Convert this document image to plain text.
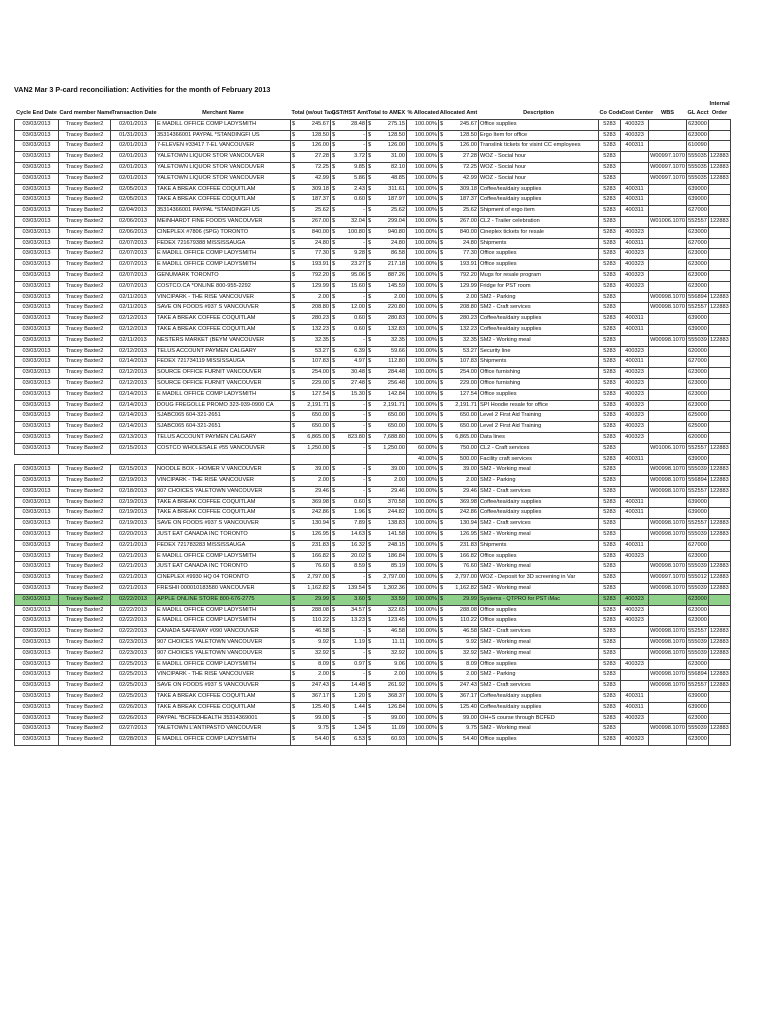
VAN2 Mar 3 P-card reconciliation: Activities for the month of February 2013
														Internal
Cycle End Date	Card member Name	Transaction Date	Merchant Name	Total (w/out Tax)	GST/HST Amt	Total to AMEX	% Allocated	Allocated Amt	Description	Co Code	Cost Center	WBS	GL Acct	Order
03/03/2013	Tracey Baxter2	02/01/2013	E MADILL OFFICE COMP LADYSMITH	$ 245.67	$ 28.48	$ 275.15	100.00%	$ 245.67	Office supplies	5283	400323		623000	
03/03/2013	Tracey Baxter2	01/31/2013	35314366001 PAYPAL *STANDINGFI US	$ 128.50	$ -	$ 128.50	100.00%	$ 128.50	Ergo Item for office	5283	400323		623000	
03/03/2013	Tracey Baxter2	02/01/2013	7-ELEVEN #33417 7-EL VANCOUVER	$ 126.00	$ -	$ 126.00	100.00%	$ 126.00	Translink tickets for visint CC employees	5283	400311		610090	
03/03/2013	Tracey Baxter2	02/01/2013	YALETOWN LIQUOR STOR VANCOUVER	$ 27.28	$ 3.72	$ 31.00	100.00%	$ 27.28	WOZ - Social hour	5283		W00997.1070	555035	122883
03/03/2013	Tracey Baxter2	02/01/2013	YALETOWN LIQUOR STOR VANCOUVER	$ 72.25	$ 9.85	$ 82.10	100.00%	$ 72.25	WOZ - Social hour	5283		W00997.1070	555035	122883
03/03/2013	Tracey Baxter2	02/01/2013	YALETOWN LIQUOR STOR VANCOUVER	$ 42.99	$ 5.86	$ 48.85	100.00%	$ 42.99	WOZ - Social hour	5283		W00997.1070	555035	122883
03/03/2013	Tracey Baxter2	02/05/2013	TAKE A BREAK COFFEE COQUITLAM	$ 309.18	$ 2.43	$ 311.61	100.00%	$ 309.18	Coffee/tea/dairy supplies	5283	400311		639000	
03/03/2013	Tracey Baxter2	02/05/2013	TAKE A BREAK COFFEE COQUITLAM	$ 187.37	$ 0.60	$ 187.97	100.00%	$ 187.37	Coffee/tea/dairy supplies	5283	400311		639000	
03/03/2013	Tracey Baxter2	02/04/2013	35314366001 PAYPAL *STANDINGFI US	$ 25.62	$ -	$ 25.62	100.00%	$ 25.62	Shipment of ergo item	5283	400311		627000	
03/03/2013	Tracey Baxter2	02/06/2013	MEINHARDT FINE FOODS VANCOUVER	$ 267.00	$ 32.04	$ 299.04	100.00%	$ 267.00	CL2 - Trailer celebration	5283		W01006.1070	552557	122883
03/03/2013	Tracey Baxter2	02/06/2013	CINEPLEX #7806 (SPG) TORONTO	$ 840.00	$ 100.80	$ 940.80	100.00%	$ 840.00	Cineplex tickets for resale	5283	400323		623000	
03/03/2013	Tracey Baxter2	02/07/2013	FEDEX 721679388 MISSISSAUGA	$ 24.80	$ -	$ 24.80	100.00%	$ 24.80	Shipments	5283	400311		627000	
03/03/2013	Tracey Baxter2	02/07/2013	E MADILL OFFICE COMP LADYSMITH	$ 77.30	$ 9.28	$ 86.58	100.00%	$ 77.30	Office supplies	5283	400323		623000	
03/03/2013	Tracey Baxter2	02/07/2013	E MADILL OFFICE COMP LADYSMITH	$ 193.91	$ 23.27	$ 217.18	100.00%	$ 193.91	Office supplies	5283	400323		623000	
03/03/2013	Tracey Baxter2	02/07/2013	GENUMARK TORONTO	$ 792.20	$ 95.06	$ 887.26	100.00%	$ 792.20	Mugs for resale program	5283	400323		623000	
03/03/2013	Tracey Baxter2	02/07/2013	COSTCO.CA *ONLINE 800-955-2292	$ 129.99	$ 15.60	$ 145.59	100.00%	$ 129.99	Fridge for PST room	5283	400323		623000	
03/03/2013	Tracey Baxter2	02/11/2013	VINCIPARK - THE RISE VANCOUVER	$ 2.00	$ -	$ 2.00	100.00%	$ 2.00	SM2 - Parking	5283		W00998.1070	556894	122883
03/03/2013	Tracey Baxter2	02/11/2013	SAVE ON FOODS #937 S VANCOUVER	$ 208.80	$ 12.00	$ 220.80	100.00%	$ 208.80	SM2 - Craft services	5283		W00998.1070	552557	122883
03/03/2013	Tracey Baxter2	02/12/2013	TAKE A BREAK COFFEE COQUITLAM	$ 280.23	$ 0.60	$ 280.83	100.00%	$ 280.23	Coffee/tea/dairy supplies	5283	400311		639000	
03/03/2013	Tracey Baxter2	02/12/2013	TAKE A BREAK COFFEE COQUITLAM	$ 132.23	$ 0.60	$ 132.83	100.00%	$ 132.23	Coffee/tea/dairy supplies	5283	400311		639000	
03/03/2013	Tracey Baxter2	02/11/2013	NESTERS MARKET (BEYM VANCOUVER	$ 32.35	$ -	$ 32.35	100.00%	$ 32.35	SM2 - Working meal	5283		W00998.1070	555039	122883
03/03/2013	Tracey Baxter2	02/12/2013	TELUS ACCOUNT PAYMEN CALGARY	$ 53.27	$ 6.39	$ 59.66	100.00%	$ 53.27	Security line	5283	400323		620000	
03/03/2013	Tracey Baxter2	02/14/2013	FEDEX 721734119 MISSISSAUGA	$ 107.83	$ 4.97	$ 112.80	100.00%	$ 107.83	Shipments	5283	400311		627000	
03/03/2013	Tracey Baxter2	02/12/2013	SOURCE OFFICE FURNIT VANCOUVER	$ 254.00	$ 30.48	$ 284.48	100.00%	$ 254.00	Office furnishing	5283	400323		623000	
03/03/2013	Tracey Baxter2	02/12/2013	SOURCE OFFICE FURNIT VANCOUVER	$ 229.00	$ 27.48	$ 256.48	100.00%	$ 229.00	Office furnishing	5283	400323		623000	
03/03/2013	Tracey Baxter2	02/14/2013	E MADILL OFFICE COMP LADYSMITH	$ 127.54	$ 15.30	$ 142.84	100.00%	$ 127.54	Office supplies	5283	400323		623000	
03/03/2013	Tracey Baxter2	02/14/2013	DOUG FREGOLLE PROMO 323-939-0900 CA	$ 2,191.71	$ -	$ 2,191.71	100.00%	$ 2,191.71	SPI Hoodie resale for office	5283	400323		623000	
03/03/2013	Tracey Baxter2	02/14/2013	SJABC065 604-321-2651	$ 650.00	$ -	$ 650.00	100.00%	$ 650.00	Level 2 First Aid Training	5283	400323		625000	
03/03/2013	Tracey Baxter2	02/14/2013	SJABC065 604-321-2651	$ 650.00	$ -	$ 650.00	100.00%	$ 650.00	Level 2 First Aid Training	5283	400323		625000	
03/03/2013	Tracey Baxter2	02/13/2013	TELUS ACCOUNT PAYMEN CALGARY	$ 6,865.00	$ 823.80	$ 7,688.80	100.00%	$ 6,865.00	Data lines	5283	400323		620000	
03/03/2013	Tracey Baxter2	02/15/2013	COSTCO WHOLESALE #55 VANCOUVER	$ 1,250.00	$ -	$ 1,250.00	60.00%	$ 750.00	CL2 - Craft services	5283		W01006.1070	552557	122883
							40.00%	$ 500.00	Facility craft services	5283	400311		639000	
03/03/2013	Tracey Baxter2	02/15/2013	NOODLE BOX - HOMER V VANCOUVER	$ 39.00	$ -	$ 39.00	100.00%	$ 39.00	SM2 - Working meal	5283		W00998.1070	555039	122883
03/03/2013	Tracey Baxter2	02/19/2013	VINCIPARK - THE RISE VANCOUVER	$ 2.00	$ -	$ 2.00	100.00%	$ 2.00	SM2 - Parking	5283		W00998.1070	556894	122883
03/03/2013	Tracey Baxter2	02/18/2013	907 CHOICES YALETOWN VANCOUVER	$ 29.46	$ -	$ 29.46	100.00%	$ 29.46	SM2 - Craft services	5283		W00998.1070	552557	122883
03/03/2013	Tracey Baxter2	02/19/2013	TAKE A BREAK COFFEE COQUITLAM	$ 369.98	$ 0.60	$ 370.58	100.00%	$ 369.98	Coffee/tea/dairy supplies	5283	400311		639000	
03/03/2013	Tracey Baxter2	02/19/2013	TAKE A BREAK COFFEE COQUITLAM	$ 242.86	$ 1.96	$ 244.82	100.00%	$ 242.86	Coffee/tea/dairy supplies	5283	400311		639000	
03/03/2013	Tracey Baxter2	02/19/2013	SAVE ON FOODS #937 S VANCOUVER	$ 130.94	$ 7.89	$ 138.83	100.00%	$ 130.94	SM2 - Craft services	5283		W00998.1070	552557	122883
03/03/2013	Tracey Baxter2	02/20/2013	JUST EAT CANADA INC TORONTO	$ 126.95	$ 14.63	$ 141.58	100.00%	$ 126.95	SM2 - Working meal	5283		W00998.1070	555039	122883
03/03/2013	Tracey Baxter2	02/21/2013	FEDEX 721783283 MISSISSAUGA	$ 231.83	$ 16.32	$ 248.15	100.00%	$ 231.83	Shipments	5283	400311		627000	
03/03/2013	Tracey Baxter2	02/21/2013	E MADILL OFFICE COMP LADYSMITH	$ 166.82	$ 20.02	$ 186.84	100.00%	$ 166.82	Office supplies	5283	400323		623000	
03/03/2013	Tracey Baxter2	02/21/2013	JUST EAT CANADA INC TORONTO	$ 76.60	$ 8.59	$ 85.19	100.00%	$ 76.60	SM2 - Working meal	5283		W00998.1070	555039	122883
03/03/2013	Tracey Baxter2	02/21/2013	CINEPLEX #9930 HQ 04 TORONTO	$ 2,797.00	$ -	$ 2,797.00	100.00%	$ 2,797.00	WOZ - Deposit for 3D screening in Var	5283		W00997.1070	555012	122883
03/03/2013	Tracey Baxter2	02/21/2013	FRESHII 000010183580 VANCOUVER	$ 1,162.82	$ 139.54	$ 1,302.36	100.00%	$ 1,162.82	SM2 - Working meal	5283		W00998.1070	555039	122883
03/03/2013	Tracey Baxter2	02/22/2013	APPLE ONLINE STORE 800-676-2775	$ 29.99	$ 3.60	$ 33.59	100.00%	$ 29.99	Systems - QTPRO for PST iMac	5283	400323		623000	
03/03/2013	Tracey Baxter2	02/22/2013	E MADILL OFFICE COMP LADYSMITH	$ 288.08	$ 34.57	$ 322.65	100.00%	$ 288.08	Office supplies	5283	400323		623000	
03/03/2013	Tracey Baxter2	02/22/2013	E MADILL OFFICE COMP LADYSMITH	$ 110.22	$ 13.23	$ 123.45	100.00%	$ 110.22	Office supplies	5283	400323		623000	
03/03/2013	Tracey Baxter2	02/22/2013	CANADA SAFEWAY #090 VANCOUVER	$ 46.58	$ -	$ 46.58	100.00%	$ 46.58	SM2 - Craft services	5283		W00998.1070	552557	122883
03/03/2013	Tracey Baxter2	02/23/2013	907 CHOICES YALETOWN VANCOUVER	$ 9.92	$ 1.19	$ 11.11	100.00%	$ 9.92	SM2 - Working meal	5283		W00998.1070	555039	122883
03/03/2013	Tracey Baxter2	02/23/2013	907 CHOICES YALETOWN VANCOUVER	$ 32.92	$ -	$ 32.92	100.00%	$ 32.92	SM2 - Working meal	5283		W00998.1070	555039	122883
03/03/2013	Tracey Baxter2	02/25/2013	E MADILL OFFICE COMP LADYSMITH	$ 8.09	$ 0.97	$ 9.06	100.00%	$ 8.09	Office supplies	5283	400323		623000	
03/03/2013	Tracey Baxter2	02/25/2013	VINCIPARK - THE RISE VANCOUVER	$ 2.00	$ -	$ 2.00	100.00%	$ 2.00	SM2 - Parking	5283		W00998.1070	556894	122883
03/03/2013	Tracey Baxter2	02/25/2013	SAVE ON FOODS #937 S VANCOUVER	$ 247.43	$ 14.48	$ 261.92	100.00%	$ 247.43	SM2 - Craft services	5283		W00998.1070	552557	122883
03/03/2013	Tracey Baxter2	02/25/2013	TAKE A BREAK COFFEE COQUITLAM	$ 367.17	$ 1.20	$ 368.37	100.00%	$ 367.17	Coffee/tea/dairy supplies	5283	400311		639000	
03/03/2013	Tracey Baxter2	02/26/2013	TAKE A BREAK COFFEE COQUITLAM	$ 125.40	$ 1.44	$ 126.84	100.00%	$ 125.40	Coffee/tea/dairy supplies	5283	400311		639000	
03/03/2013	Tracey Baxter2	02/26/2013	PAYPAL *BCFEDHEALTH 35314369001	$ 99.00	$ -	$ 99.00	100.00%	$ 99.00	OH+S course through BCFED	5283	400323		623000	
03/03/2013	Tracey Baxter2	02/27/2013	YALETOWN L'ANTIPASTO VANCOUVER	$ 9.75	$ 1.34	$ 11.09	100.00%	$ 9.75	SM2 - Working meal	5283		W00998.1070	555039	122883
03/03/2013	Tracey Baxter2	02/28/2013	E MADILL OFFICE COMP LADYSMITH	$ 54.40	$ 6.53	$ 60.93	100.00%	$ 54.40	Office supplies	5283	400323		623000	
